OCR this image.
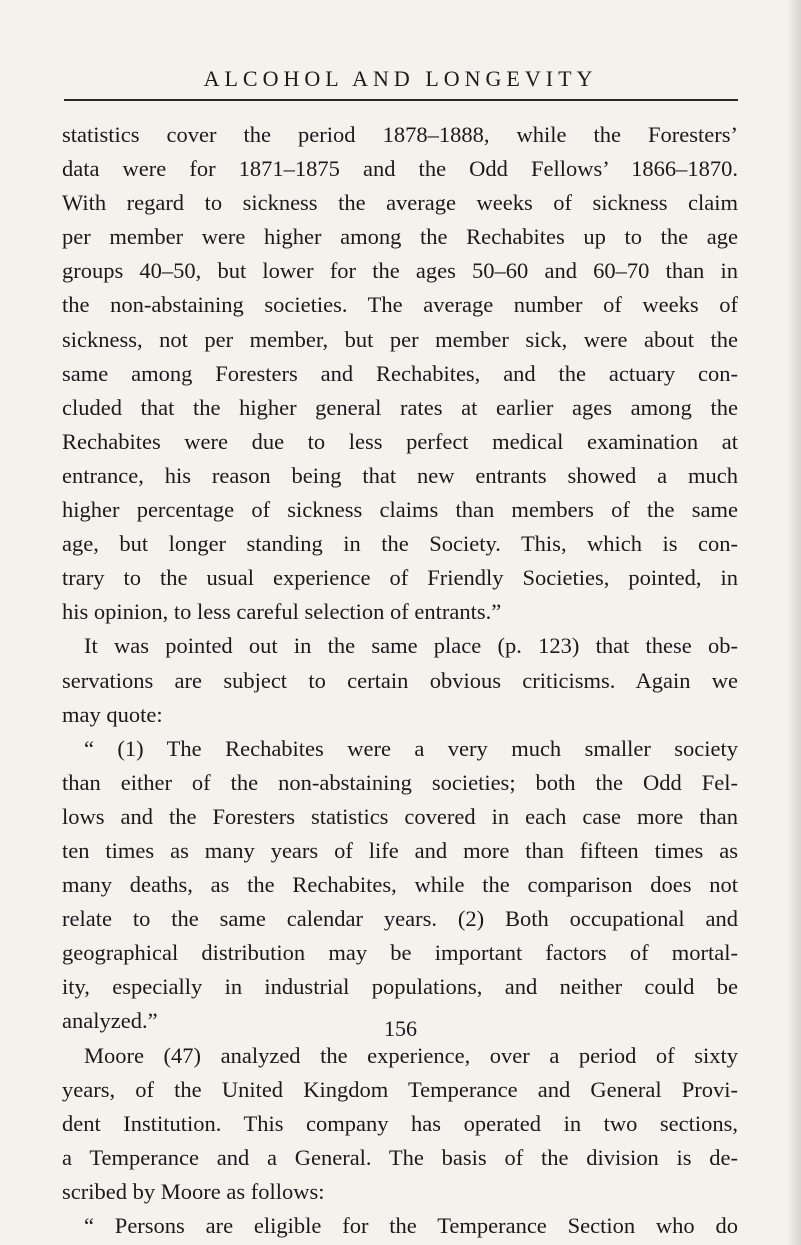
ALCOHOL AND LONGEVITY
statistics cover the period 1878–1888, while the Foresters’
data were for 1871–1875 and the Odd Fellows’ 1866–1870.
With regard to sickness the average weeks of sickness claim
per member were higher among the Rechabites up to the age
groups 40–50, but lower for the ages 50–60 and 60–70 than in
the non-abstaining societies. The average number of weeks of
sickness, not per member, but per member sick, were about the
same among Foresters and Rechabites, and the actuary con-
cluded that the higher general rates at earlier ages among the
Rechabites were due to less perfect medical examination at
entrance, his reason being that new entrants showed a much
higher percentage of sickness claims than members of the same
age, but longer standing in the Society. This, which is con-
trary to the usual experience of Friendly Societies, pointed, in
his opinion, to less careful selection of entrants.”
It was pointed out in the same place (p. 123) that these ob-
servations are subject to certain obvious criticisms. Again we
may quote:
“ (1) The Rechabites were a very much smaller society
than either of the non-abstaining societies; both the Odd Fel-
lows and the Foresters statistics covered in each case more than
ten times as many years of life and more than fifteen times as
many deaths, as the Rechabites, while the comparison does not
relate to the same calendar years. (2) Both occupational and
geographical distribution may be important factors of mortal-
ity, especially in industrial populations, and neither could be
analyzed.”
Moore (47) analyzed the experience, over a period of sixty
years, of the United Kingdom Temperance and General Provi-
dent Institution. This company has operated in two sections,
a Temperance and a General. The basis of the division is de-
scribed by Moore as follows:
“ Persons are eligible for the Temperance Section who do
156
